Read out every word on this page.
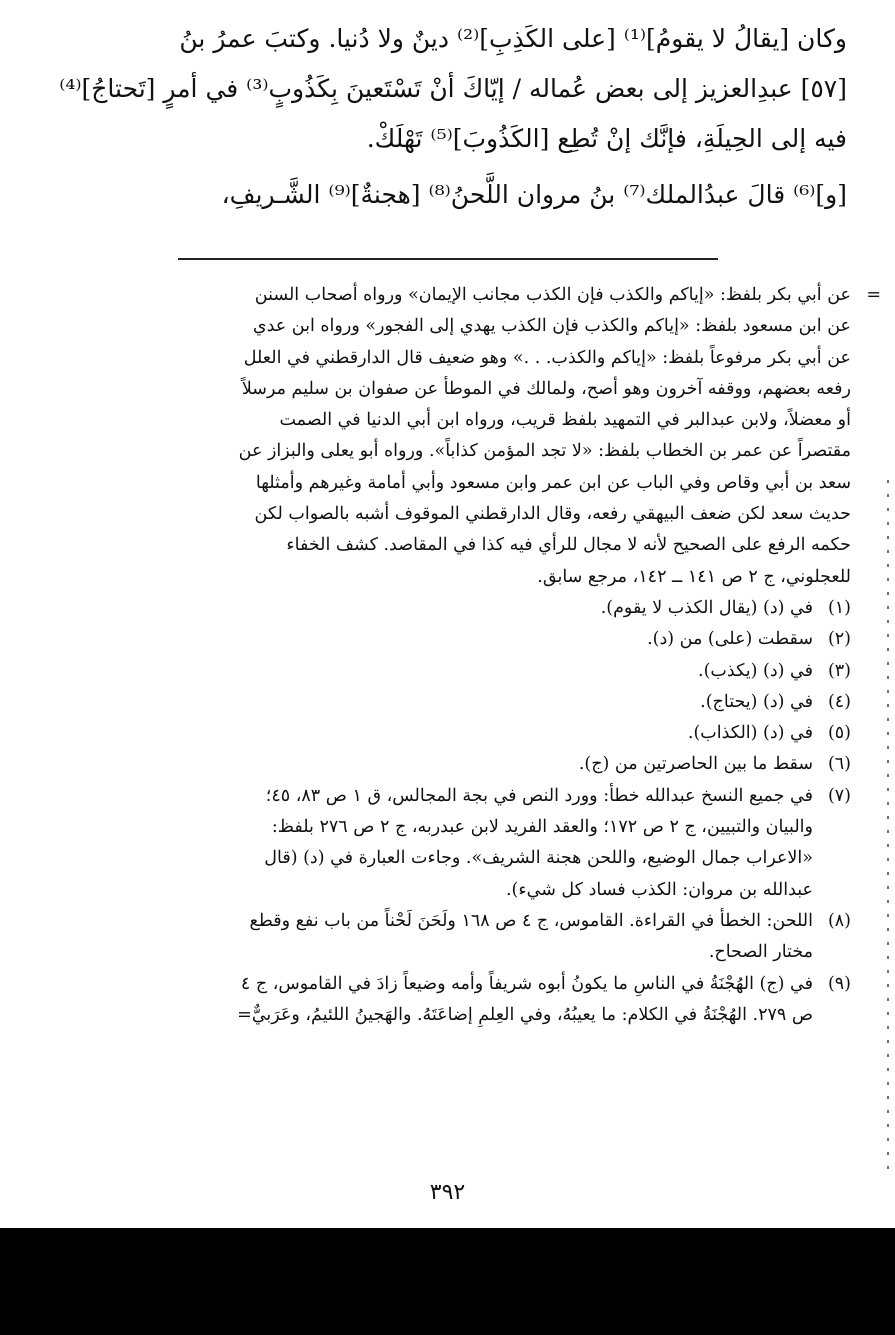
وكان [يقالُ لا يقومُ]⁽¹⁾ [على الكَذِبِ]⁽²⁾ دينٌ ولا دُنيا. وكتبَ عمرُ بنُ
[٥٧] عبدِالعزيز إلى بعض عُماله / إيّاكَ أنْ تَسْتَعينَ بِكَذُوبٍ⁽³⁾ في أمرٍ [تَحتاجُ]⁽⁴⁾
فيه إلى الحِيلَةِ، فإنَّك إنْ تُطِع [الكَذُوبَ]⁽⁵⁾ تَهْلَكْ.
[و]⁽⁶⁾ قالَ عبدُالملك⁽⁷⁾ بنُ مروان اللَّحنُ⁽⁸⁾ [هجنةٌ]⁽⁹⁾ الشَّـريفِ،
=
عن أبي بكر بلفظ: «إياكم والكذب فإن الكذب مجانب الإيمان» ورواه أصحاب السنن
عن ابن مسعود بلفظ: «إياكم والكذب فإن الكذب يهدي إلى الفجور» ورواه ابن عدي
عن أبي بكر مرفوعاً بلفظ: «إياكم والكذب. . .» وهو ضعيف قال الدارقطني في العلل
رفعه بعضهم، ووقفه آخرون وهو أصح، ولمالك في الموطأ عن صفوان بن سليم مرسلاً
أو معضلاً، ولابن عبدالبر في التمهيد بلفظ قريب، ورواه ابن أبي الدنيا في الصمت
مقتصراً عن عمر بن الخطاب بلفظ: «لا تجد المؤمن كذاباً». ورواه أبو يعلى والبزاز عن
سعد بن أبي وقاص وفي الباب عن ابن عمر وابن مسعود وأبي أمامة وغيرهم وأمثلها
حديث سعد لكن ضعف البيهقي رفعه، وقال الدارقطني الموقوف أشبه بالصواب لكن
حكمه الرفع على الصحيح لأنه لا مجال للرأي فيه كذا في المقاصد. كشف الخفاء
للعجلوني، ج ٢ ص ١٤١ ــ ١٤٢، مرجع سابق.
(١)
في (د) (يقال الكذب لا يقوم).
(٢)
سقطت (على) من (د).
(٣)
في (د) (يكذب).
(٤)
في (د) (يحتاج).
(٥)
في (د) (الكذاب).
(٦)
سقط ما بين الحاصرتين من (ج).
(٧)
في جميع النسخ عبدالله خطأ: وورد النص في بجة المجالس، ق ١ ص ٨٣، ٤٥؛
والبيان والتبيين، ج ٢ ص ١٧٢؛ والعقد الفريد لابن عبدربه، ج ٢ ص ٢٧٦ بلفظ:
«الاعراب جمال الوضيع، واللحن هجنة الشريف». وجاءت العبارة في (د) (قال
عبدالله بن مروان: الكذب فساد كل شيء).
(٨)
اللحن: الخطأ في القراءة. القاموس، ج ٤ ص ١٦٨ ولَحَنَ لَحْناً من باب نفع وقطع
مختار الصحاح.
(٩)
في (ج) الهُجْنَةُ في الناسِ ما يكونُ أبوه شريفاً وأمه وضيعاً زادَ في القاموس، ج ٤
ص ٢٧٩. الهُجْنَةُ في الكلام: ما يعيبُهُ، وفي العِلمِ إضاعَتَهُ. والهَجينُ اللئيمُ، وعَرَبيٌّ=
٣٩٢
